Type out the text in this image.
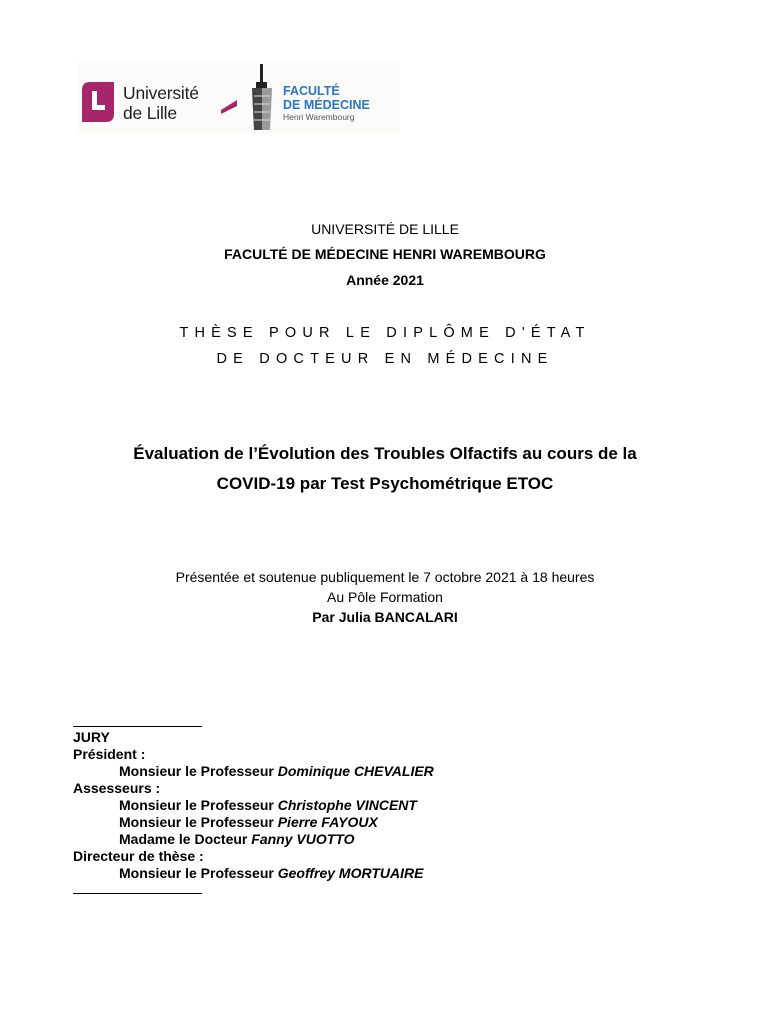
Université
de Lille
FACULTÉ
DE MÉDECINE
Henri Warembourg
UNIVERSITÉ DE LILLE
FACULTÉ DE MÉDECINE HENRI WAREMBOURG
Année 2021
THÈSE POUR LE DIPLÔME D'ÉTAT
DE DOCTEUR EN MÉDECINE
Évaluation de l’Évolution des Troubles Olfactifs au cours de la
COVID-19 par Test Psychométrique ETOC
Présentée et soutenue publiquement le 7 octobre 2021 à 18 heures
Au Pôle Formation
Par Julia BANCALARI
JURY
Président :
Monsieur le Professeur Dominique CHEVALIER
Assesseurs :
Monsieur le Professeur Christophe VINCENT
Monsieur le Professeur Pierre FAYOUX
Madame le Docteur Fanny VUOTTO
Directeur de thèse :
Monsieur le Professeur Geoffrey MORTUAIRE
